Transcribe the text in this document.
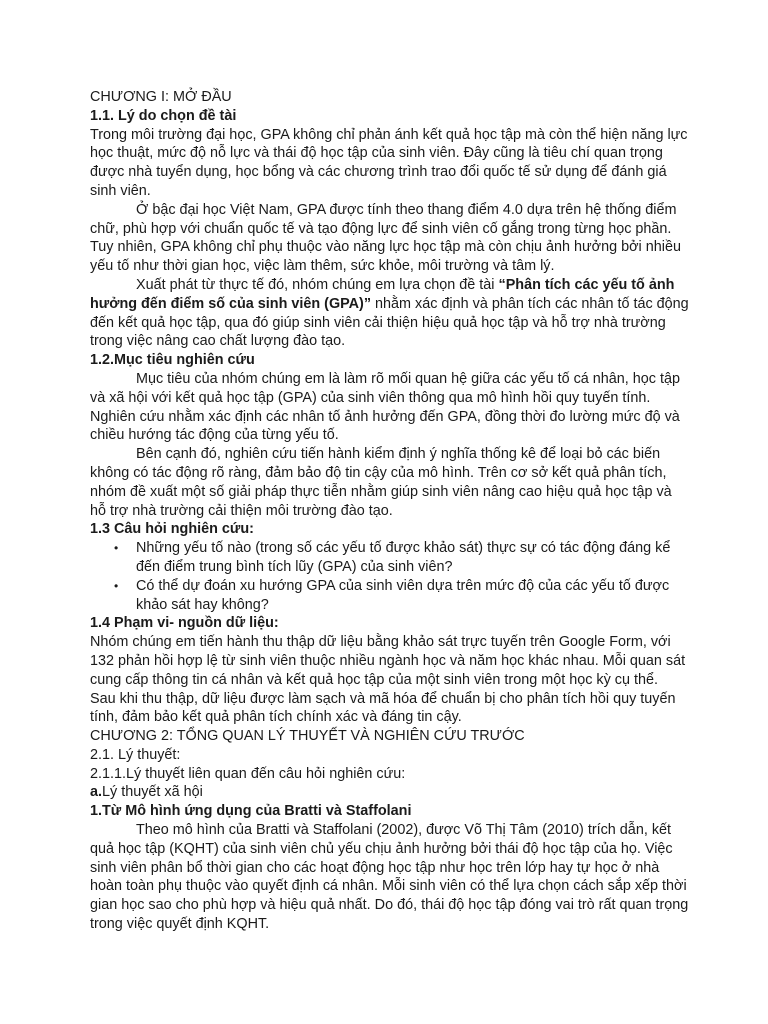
CHƯƠNG I: MỞ ĐẦU

1.1. Lý do chọn đề tài

Trong môi trường đại học, GPA không chỉ phản ánh kết quả học tập mà còn thể hiện năng lực học thuật, mức độ nỗ lực và thái độ học tập của sinh viên. Đây cũng là tiêu chí quan trọng được nhà tuyển dụng, học bổng và các chương trình trao đổi quốc tế sử dụng để đánh giá sinh viên.

Ở bậc đại học Việt Nam, GPA được tính theo thang điểm 4.0 dựa trên hệ thống điểm chữ, phù hợp với chuẩn quốc tế và tạo động lực để sinh viên cố gắng trong từng học phần. Tuy nhiên, GPA không chỉ phụ thuộc vào năng lực học tập mà còn chịu ảnh hưởng bởi nhiều yếu tố như thời gian học, việc làm thêm, sức khỏe, môi trường và tâm lý.

Xuất phát từ thực tế đó, nhóm chúng em lựa chọn đề tài “Phân tích các yếu tố ảnh hưởng đến điểm số của sinh viên (GPA)” nhằm xác định và phân tích các nhân tố tác động đến kết quả học tập, qua đó giúp sinh viên cải thiện hiệu quả học tập và hỗ trợ nhà trường trong việc nâng cao chất lượng đào tạo.

1.2.Mục tiêu nghiên cứu

Mục tiêu của nhóm chúng em là làm rõ mối quan hệ giữa các yếu tố cá nhân, học tập và xã hội với kết quả học tập (GPA) của sinh viên thông qua mô hình hồi quy tuyến tính. Nghiên cứu nhằm xác định các nhân tố ảnh hưởng đến GPA, đồng thời đo lường mức độ và chiều hướng tác động của từng yếu tố.

Bên cạnh đó, nghiên cứu tiến hành kiểm định ý nghĩa thống kê để loại bỏ các biến không có tác động rõ ràng, đảm bảo độ tin cậy của mô hình. Trên cơ sở kết quả phân tích, nhóm đề xuất một số giải pháp thực tiễn nhằm giúp sinh viên nâng cao hiệu quả học tập và hỗ trợ nhà trường cải thiện môi trường đào tạo.

1.3 Câu hỏi nghiên cứu:

• Những yếu tố nào (trong số các yếu tố được khảo sát) thực sự có tác động đáng kể đến điểm trung bình tích lũy (GPA) của sinh viên?
• Có thể dự đoán xu hướng GPA của sinh viên dựa trên mức độ của các yếu tố được khảo sát hay không?

1.4 Phạm vi- nguồn dữ liệu:

Nhóm chúng em tiến hành thu thập dữ liệu bằng khảo sát trực tuyến trên Google Form, với 132 phản hồi hợp lệ từ sinh viên thuộc nhiều ngành học và năm học khác nhau. Mỗi quan sát cung cấp thông tin cá nhân và kết quả học tập của một sinh viên trong một học kỳ cụ thể.

Sau khi thu thập, dữ liệu được làm sạch và mã hóa để chuẩn bị cho phân tích hồi quy tuyến tính, đảm bảo kết quả phân tích chính xác và đáng tin cậy.

CHƯƠNG 2: TỔNG QUAN LÝ THUYẾT VÀ NGHIÊN CỨU TRƯỚC

2.1. Lý thuyết:

2.1.1.Lý thuyết liên quan đến câu hỏi nghiên cứu:

a.Lý thuyết xã hội

1.Từ Mô hình ứng dụng của Bratti và Staffolani

Theo mô hình của Bratti và Staffolani (2002), được Võ Thị Tâm (2010) trích dẫn, kết quả học tập (KQHT) của sinh viên chủ yếu chịu ảnh hưởng bởi thái độ học tập của họ. Việc sinh viên phân bổ thời gian cho các hoạt động học tập như học trên lớp hay tự học ở nhà hoàn toàn phụ thuộc vào quyết định cá nhân. Mỗi sinh viên có thể lựa chọn cách sắp xếp thời gian học sao cho phù hợp và hiệu quả nhất. Do đó, thái độ học tập đóng vai trò rất quan trọng trong việc quyết định KQHT.
